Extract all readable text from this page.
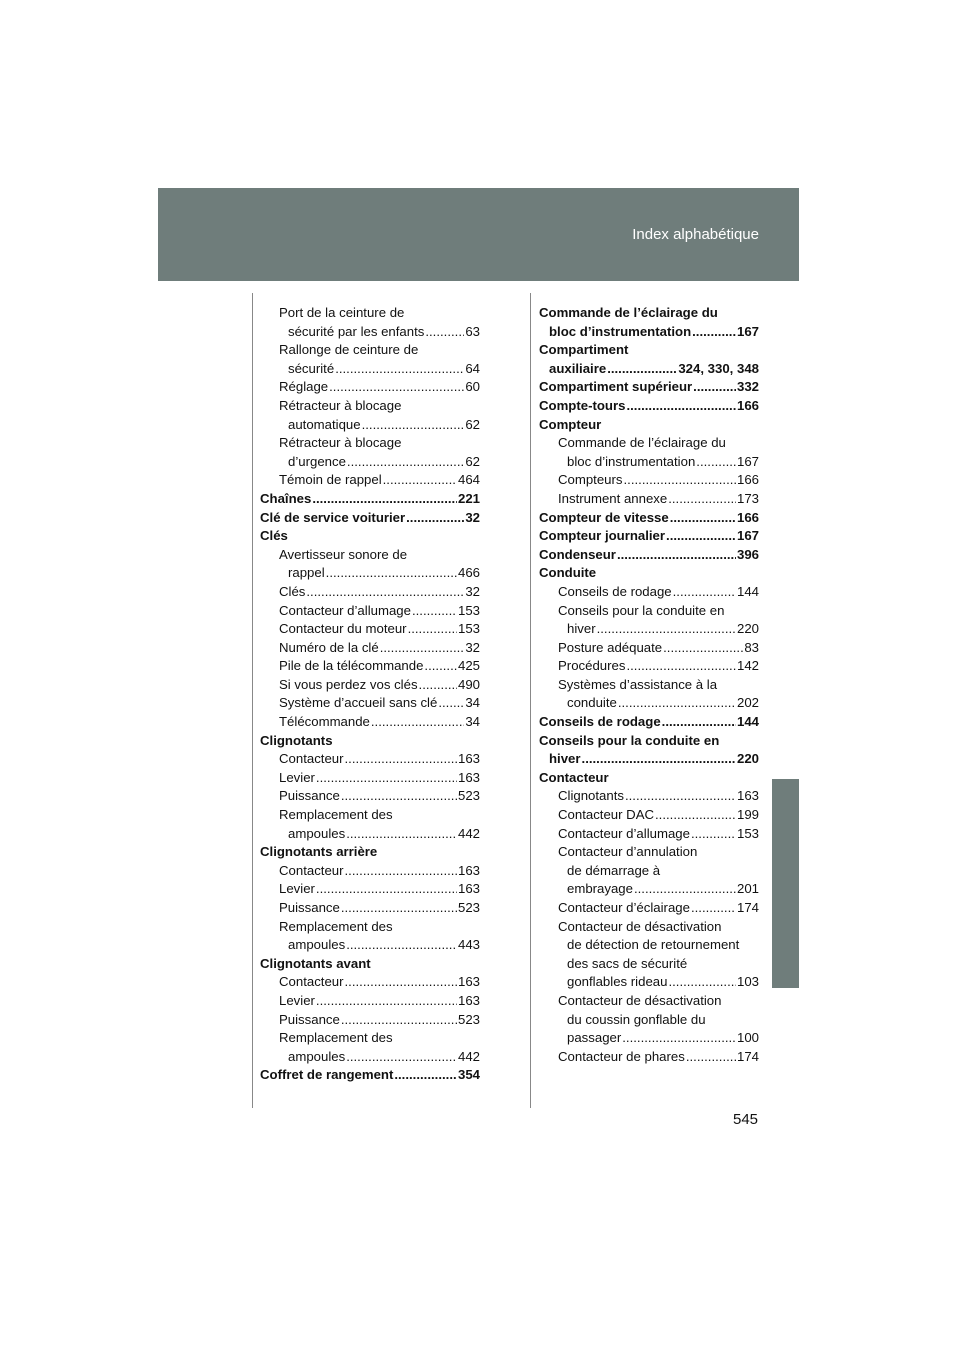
Index alphabétique
Port de la ceinture de
sécurité par les enfants .....	63
Rallonge de ceinture de
sécurité .....	64
Réglage .....	60
Rétracteur à blocage
automatique .....	62
Rétracteur à blocage
d’urgence .....	62
Témoin de rappel .....	464
Chaînes .....	221
Clé de service voiturier .....	32
Clés
Avertisseur sonore de
rappel .....	466
Clés .....	32
Contacteur d’allumage .....	153
Contacteur du moteur .....	153
Numéro de la clé .....	32
Pile de la télécommande .....	425
Si vous perdez vos clés .....	490
Système d’accueil sans clé ..... 34
Télécommande .....	34
Clignotants
Contacteur .....	163
Levier .....	163
Puissance .....	523
Remplacement des
ampoules .....	442
Clignotants arrière
Contacteur .....	163
Levier .....	163
Puissance .....	523
Remplacement des
ampoules .....	443
Clignotants avant
Contacteur .....	163
Levier .....	163
Puissance .....	523
Remplacement des
ampoules .....	442
Coffret de rangement .....	354
Commande de l’éclairage du
bloc d’instrumentation .....	167
Compartiment
auxiliaire .....	324, 330, 348
Compartiment supérieur .....	332
Compte-tours .....	166
Compteur
Commande de l’éclairage du
bloc d’instrumentation .....	167
Compteurs .....	166
Instrument annexe .....	173
Compteur de vitesse .....	166
Compteur journalier .....	167
Condenseur .....	396
Conduite
Conseils de rodage .....	144
Conseils pour la conduite en
hiver .....	220
Posture adéquate .....	83
Procédures .....	142
Systèmes d’assistance à la
conduite .....	202
Conseils de rodage .....	144
Conseils pour la conduite en
hiver .....	220
Contacteur
Clignotants .....	163
Contacteur DAC .....	199
Contacteur d’allumage .....	153
Contacteur d’annulation
de démarrage à
embrayage .....	201
Contacteur d’éclairage .....	174
Contacteur de désactivation
de détection de retournement
des sacs de sécurité
gonflables rideau .....	103
Contacteur de désactivation
du coussin gonflable du
passager .....	100
Contacteur de phares .....	174
545
